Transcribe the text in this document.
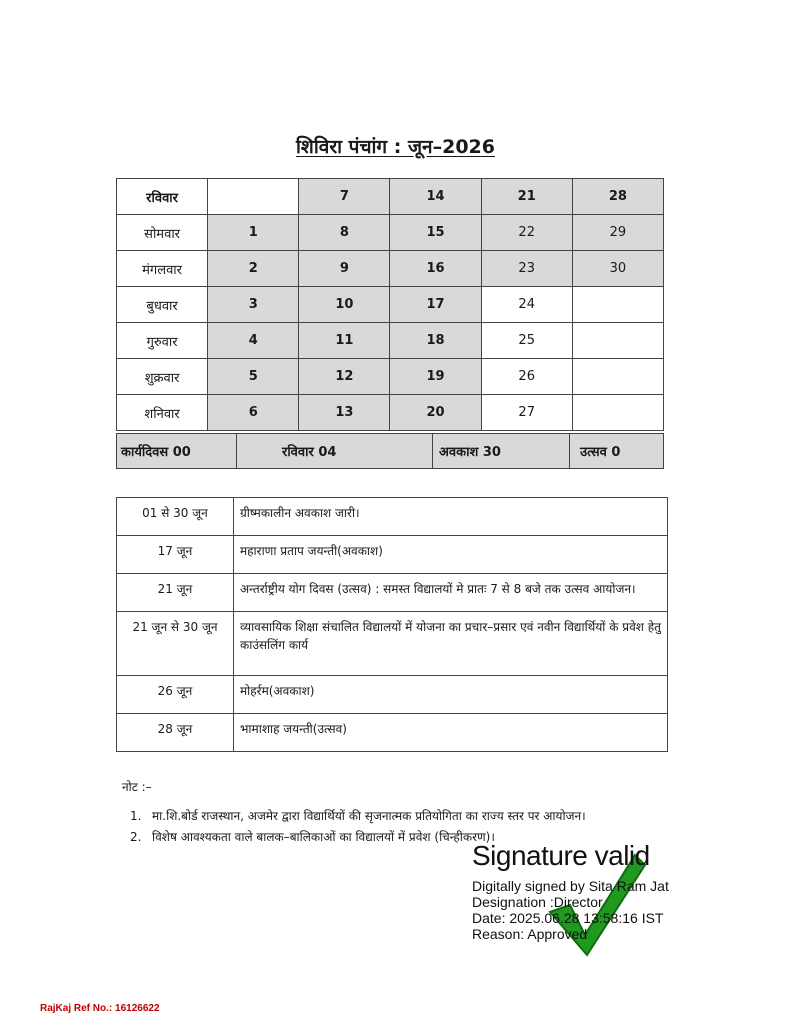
शिविरा पंचांग : जून–2026
रविवार		7	14	21	28
सोमवार	1	8	15	22	29
मंगलवार	2	9	16	23	30
बुधवार	3	10	17	24	
गुरुवार	4	11	18	25	
शुक्रवार	5	12	19	26	
शनिवार	6	13	20	27	
कार्यदिवस 00	रविवार 04	अवकाश 30	उत्सव 0
01 से 30 जून	ग्रीष्मकालीन अवकाश जारी।
17 जून	महाराणा प्रताप जयन्ती(अवकाश)
21 जून	अन्तर्राष्ट्रीय योग दिवस (उत्सव) : समस्त विद्यालयों मे प्रातः 7 से 8 बजे तक उत्सव आयोजन।
21 जून से 30 जून	व्यावसायिक शिक्षा संचालित विद्यालयों में योजना का प्रचार–प्रसार एवं नवीन विद्यार्थियों के प्रवेश हेतु काउंसलिंग कार्य
26 जून	मोहर्रम(अवकाश)
28 जून	भामाशाह जयन्ती(उत्सव)
नोट :–
1. मा.शि.बोर्ड राजस्थान, अजमेर द्वारा विद्यार्थियों की सृजनात्मक प्रतियोगिता का राज्य स्तर पर आयोजन।
2. विशेष आवश्यकता वाले बालक–बालिकाओं का विद्यालयों में प्रवेश (चिन्हीकरण)।
Signature valid
Digitally signed by Sita Ram Jat
Designation :Director
Date: 2025.06.28 13:58:16 IST
Reason: Approved
RajKaj Ref No.: 16126622
